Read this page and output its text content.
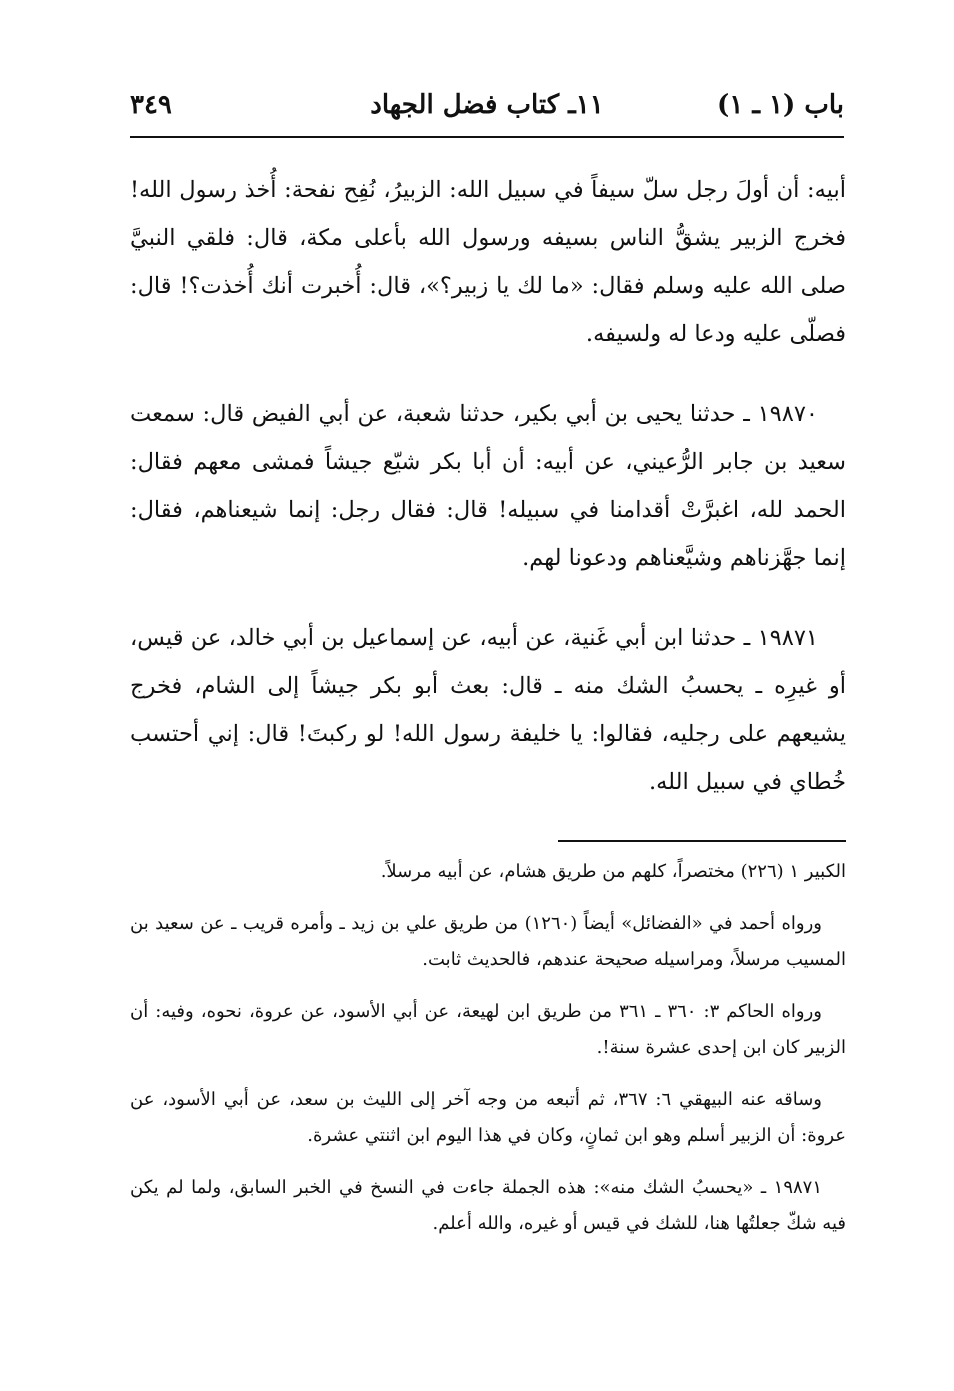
باب (١ ـ ١)
١١ـ كتاب فضل الجهاد
٣٤٩

أبيه: أن أولَ رجل سلّ سيفاً في سبيل الله: الزبيرُ، نُفِح نفحة: أُخذ رسول الله! فخرج الزبير يشقُّ الناس بسيفه ورسول الله بأعلى مكة، قال: فلقي النبيَّ صلى الله عليه وسلم فقال: «ما لك يا زبير؟»، قال: أُخبرت أنك أُخذت؟! قال: فصلّى عليه ودعا له ولسيفه.

١٩٨٧٠ ـ حدثنا يحيى بن أبي بكير، حدثنا شعبة، عن أبي الفيض قال: سمعت سعيد بن جابر الرُّعيني، عن أبيه: أن أبا بكر شيّع جيشاً فمشى معهم فقال: الحمد لله، اغبرَّتْ أقدامنا في سبيله! قال: فقال رجل: إنما شيعناهم، فقال: إنما جهَّزناهم وشيَّعناهم ودعونا لهم.

١٩٨٧١ ـ حدثنا ابن أبي غَنية، عن أبيه، عن إسماعيل بن أبي خالد، عن قيس، أو غيرِه ـ يحسبُ الشك منه ـ قال: بعث أبو بكر جيشاً إلى الشام، فخرج يشيعهم على رجليه، فقالوا: يا خليفة رسول الله! لو ركبتَ! قال: إني أحتسب خُطاي في سبيل الله.

الكبير ١ (٢٢٦) مختصراً، كلهم من طريق هشام، عن أبيه مرسلاً.

ورواه أحمد في «الفضائل» أيضاً (١٢٦٠) من طريق علي بن زيد ـ وأمره قريب ـ عن سعيد بن المسيب مرسلاً، ومراسيله صحيحة عندهم، فالحديث ثابت.

ورواه الحاكم ٣: ٣٦٠ ـ ٣٦١ من طريق ابن لهيعة، عن أبي الأسود، عن عروة، نحوه، وفيه: أن الزبير كان ابن إحدى عشرة سنة!.

وساقه عنه البيهقي ٦: ٣٦٧، ثم أتبعه من وجه آخر إلى الليث بن سعد، عن أبي الأسود، عن عروة: أن الزبير أسلم وهو ابن ثمانٍ، وكان في هذا اليوم ابن اثنتي عشرة.

١٩٨٧١ ـ «يحسبُ الشك منه»: هذه الجملة جاءت في النسخ في الخبر السابق، ولما لم يكن فيه شكّ جعلتُها هنا، للشك في قيس أو غيره، والله أعلم.
